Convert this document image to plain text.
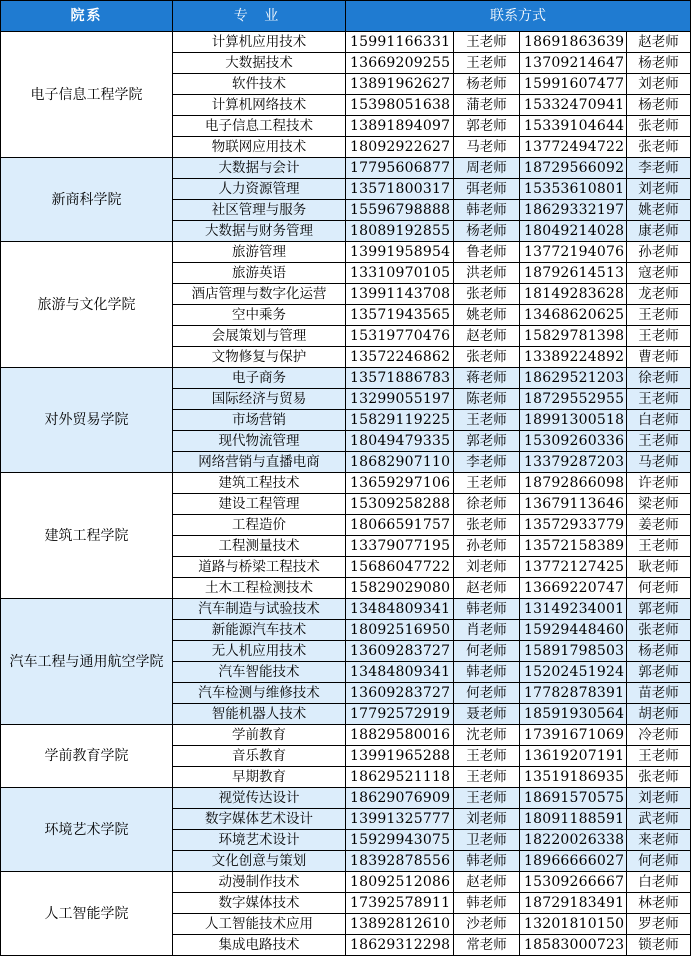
院系	专 业	联系方式			
电子信息工程学院	计算机应用技术	15991166331	王老师	18691863639	赵老师
	大数据技术	13669209255	王老师	13709214647	杨老师
	软件技术	13891962627	杨老师	15991607477	刘老师
	计算机网络技术	15398051638	蒲老师	15332470941	杨老师
	电子信息工程技术	13891894097	郭老师	15339104644	张老师
	物联网应用技术	18092922627	马老师	13772494722	张老师
新商科学院	大数据与会计	17795606877	周老师	18729566092	李老师
	人力资源管理	13571800317	弭老师	15353610801	刘老师
	社区管理与服务	15596798888	韩老师	18629332197	姚老师
	大数据与财务管理	18089192855	杨老师	18049214028	康老师
旅游与文化学院	旅游管理	13991958954	鲁老师	13772194076	孙老师
	旅游英语	13310970105	洪老师	18792614513	寇老师
	酒店管理与数字化运营	13991143708	张老师	18149283628	龙老师
	空中乘务	13571943565	姚老师	13468620625	王老师
	会展策划与管理	15319770476	赵老师	15829781398	王老师
	文物修复与保护	13572246862	张老师	13389224892	曹老师
对外贸易学院	电子商务	13571886783	蒋老师	18629521203	徐老师
	国际经济与贸易	13299055197	陈老师	18729552955	王老师
	市场营销	15829119225	王老师	18991300518	白老师
	现代物流管理	18049479335	郭老师	15309260336	王老师
	网络营销与直播电商	18682907110	李老师	13379287203	马老师
建筑工程学院	建筑工程技术	13659297106	王老师	18792866098	许老师
	建设工程管理	15309258288	徐老师	13679113646	梁老师
	工程造价	18066591757	张老师	13572933779	姜老师
	工程测量技术	13379077195	孙老师	13572158389	王老师
	道路与桥梁工程技术	15686047722	刘老师	13772127425	耿老师
	土木工程检测技术	15829029080	赵老师	13669220747	何老师
汽车工程与通用航空学院	汽车制造与试验技术	13484809341	韩老师	13149234001	郭老师
	新能源汽车技术	18092516950	肖老师	15929448460	张老师
	无人机应用技术	13609283727	何老师	15891798503	杨老师
	汽车智能技术	13484809341	韩老师	15202451924	郭老师
	汽车检测与维修技术	13609283727	何老师	17782878391	苗老师
	智能机器人技术	17792572919	聂老师	18591930564	胡老师
学前教育学院	学前教育	18829580016	沈老师	17391671069	冷老师
	音乐教育	13991965288	王老师	13619207191	王老师
	早期教育	18629521118	王老师	13519186935	张老师
环境艺术学院	视觉传达设计	18629076909	王老师	18691570575	刘老师
	数字媒体艺术设计	13991325777	刘老师	18091188591	武老师
	环境艺术设计	15929943075	卫老师	18220026338	来老师
	文化创意与策划	18392878556	韩老师	18966666027	何老师
人工智能学院	动漫制作技术	18092512086	赵老师	15309266667	白老师
	数字媒体技术	17392578911	韩老师	18729183491	林老师
	人工智能技术应用	13892812610	沙老师	13201810150	罗老师
	集成电路技术	18629312298	常老师	18583000723	锁老师
